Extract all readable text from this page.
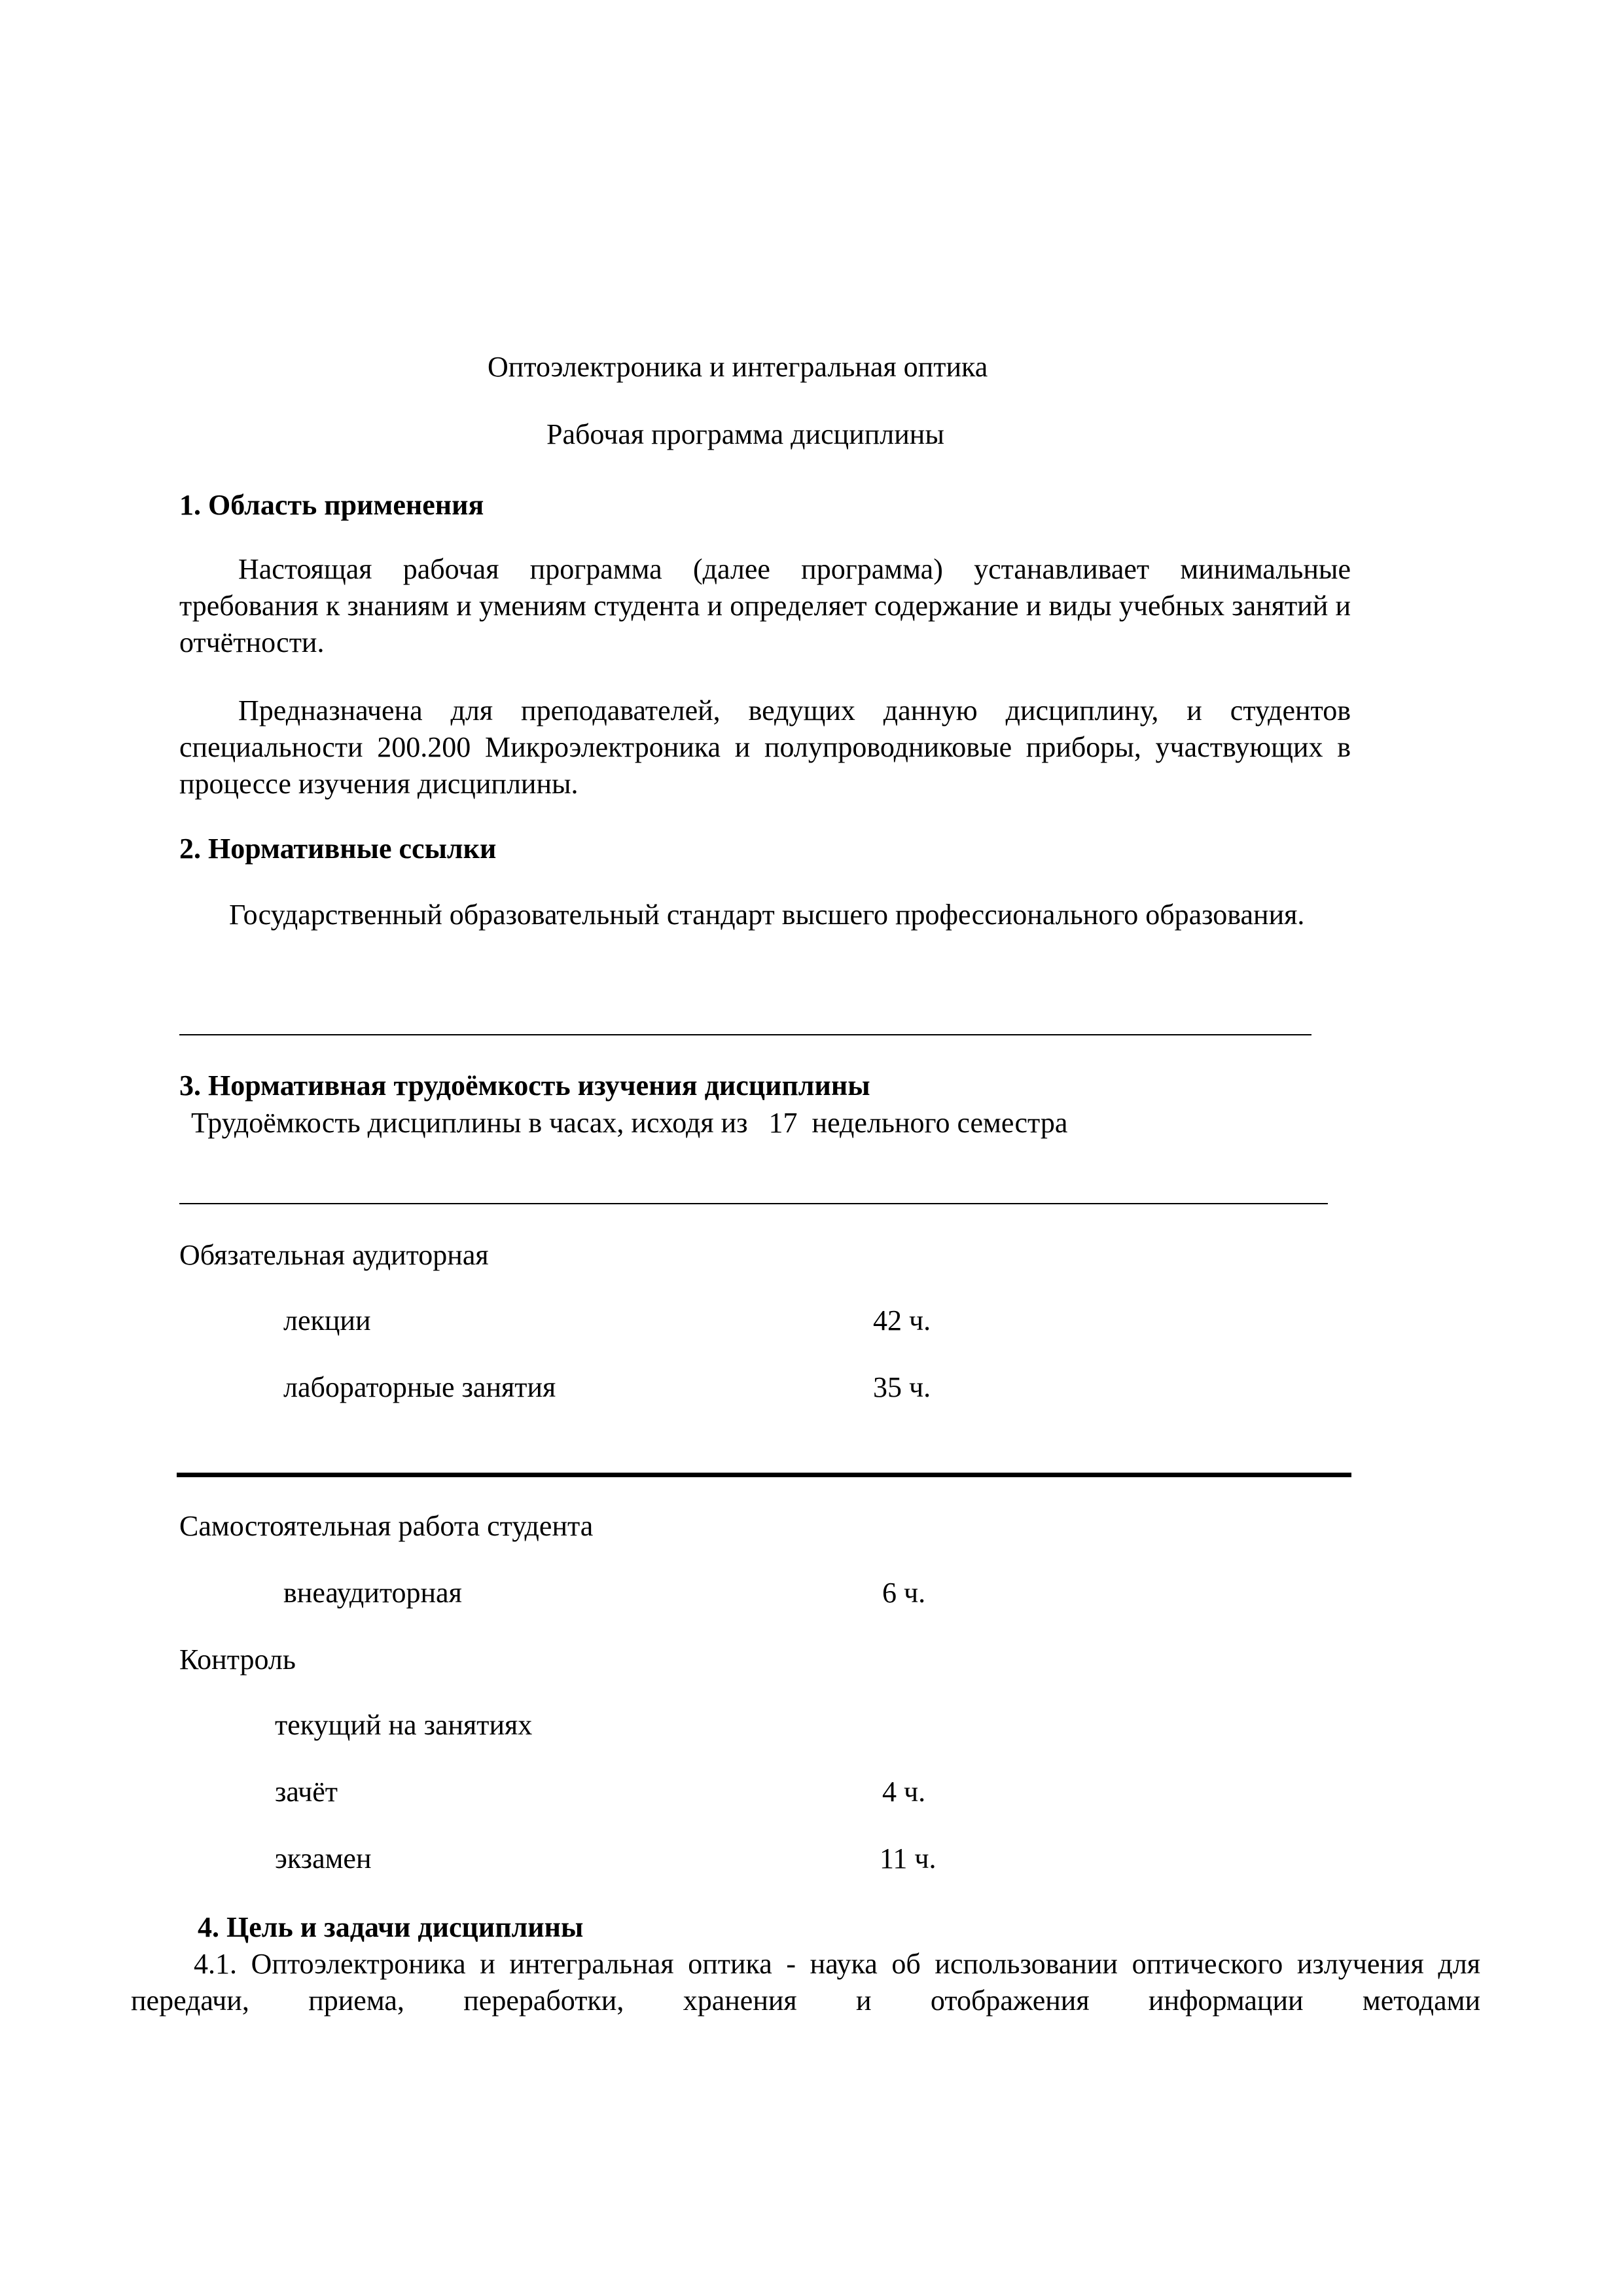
Оптоэлектроника и интегральная оптика

Рабочая программа дисциплины

1. Область применения

Настоящая рабочая программа (далее программа) устанавливает минимальные требования к знаниям и умениям студента и определяет содержание и виды учебных занятий и отчётности.

Предназначена для преподавателей, ведущих данную дисциплину, и студентов специальности 200.200 Микроэлектроника и полупроводниковые приборы, участвующих в процессе изучения дисциплины.

2. Нормативные ссылки

Государственный образовательный стандарт высшего профессионального образования.

3. Нормативная трудоёмкость изучения дисциплины

Трудоёмкость дисциплины в часах, исходя из 17 недельного семестра

Обязательная аудиторная

лекции	42 ч.

лабораторные занятия	35 ч.

Самостоятельная работа студента

внеаудиторная	6 ч.

Контроль

текущий на занятиях

зачёт	4 ч.

экзамен	11 ч.

4. Цель и задачи дисциплины

4.1. Оптоэлектроника и интегральная оптика - наука об использовании оптического излучения для передачи, приема, переработки, хранения и отображения информации методами
